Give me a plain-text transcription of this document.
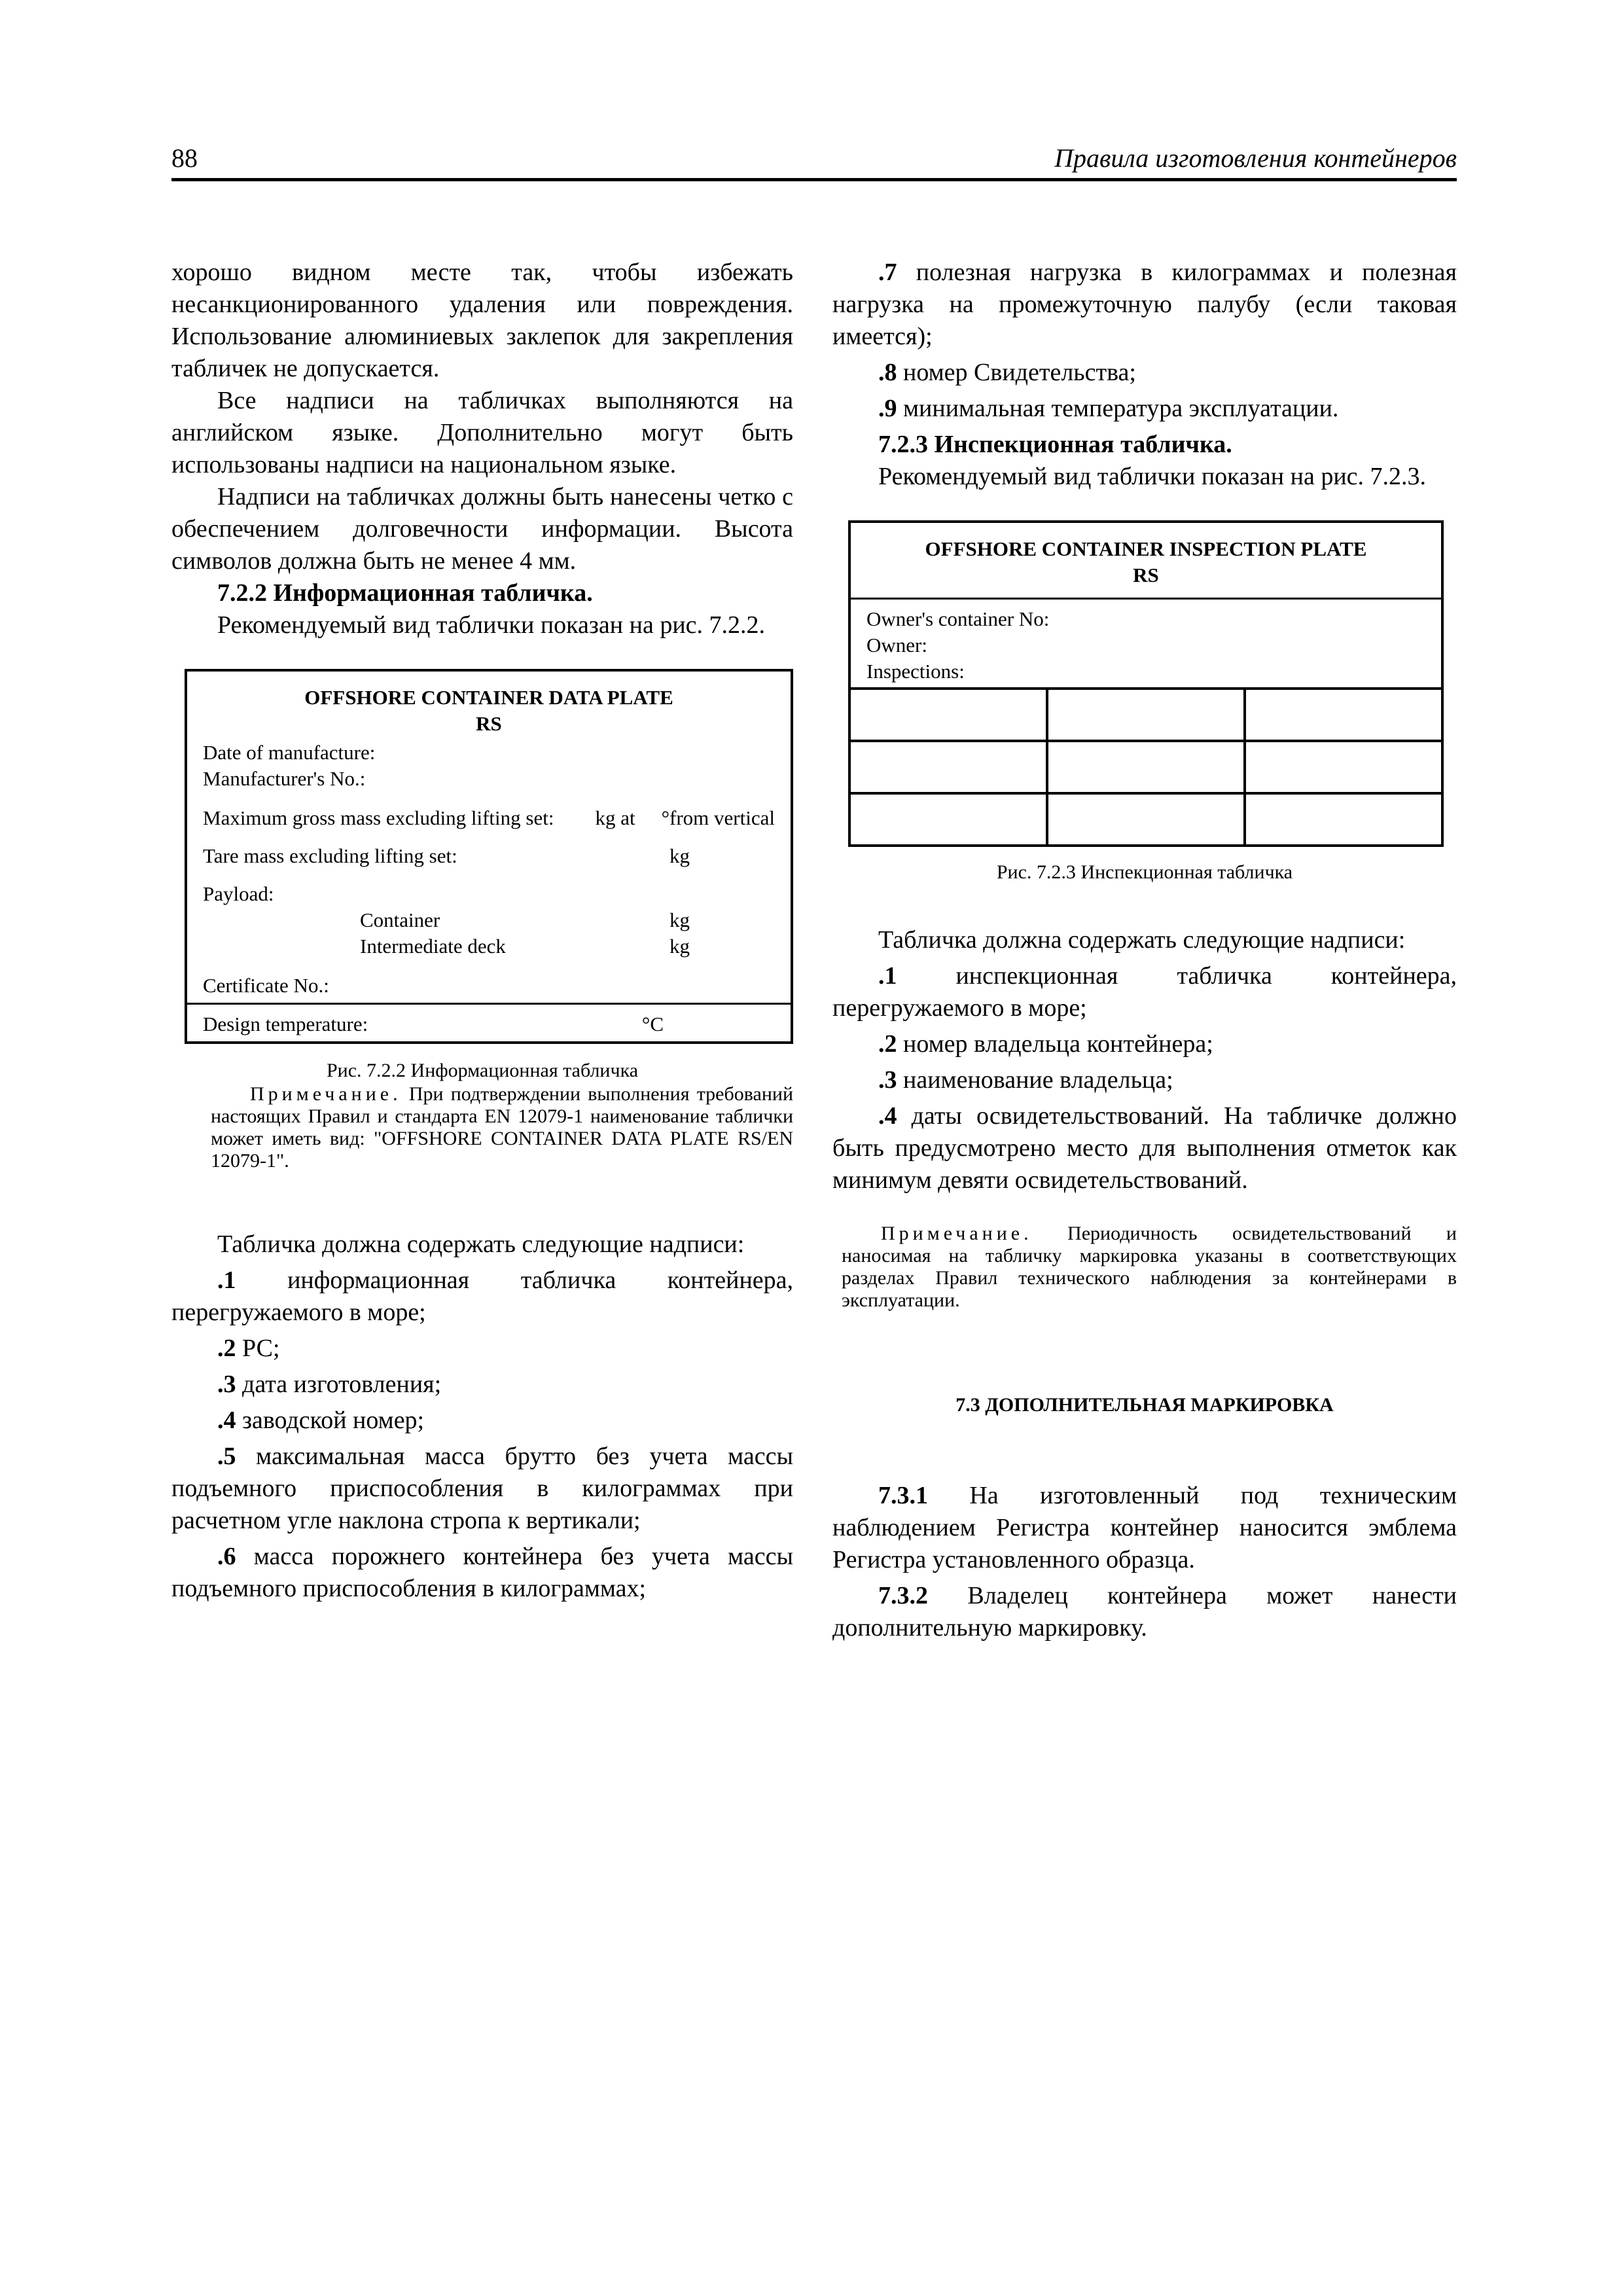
88	Правила изготовления контейнеров

хорошо видном месте так, чтобы избежать несанкционированного удаления или повреждения. Использование алюминиевых заклепок для закрепления табличек не допускается.

Все надписи на табличках выполняются на английском языке. Дополнительно могут быть использованы надписи на национальном языке.

Надписи на табличках должны быть нанесены четко с обеспечением долговечности информации. Высота символов должна быть не менее 4 мм.

7.2.2 Информационная табличка.

Рекомендуемый вид таблички показан на рис. 7.2.2.

OFFSHORE CONTAINER DATA PLATE
RS
Date of manufacture:
Manufacturer's No.:
Maximum gross mass excluding lifting set: kg at °from vertical
Tare mass excluding lifting set:	kg
Payload:
Container	kg
Intermediate deck	kg
Certificate No.:
Design temperature:	°C
Рис. 7.2.2 Информационная табличка

Примечание. При подтверждении выполнения требований настоящих Правил и стандарта EN 12079-1 наименование таблички может иметь вид: "OFFSHORE CONTAINER DATA PLATE RS/EN 12079-1".

Табличка должна содержать следующие надписи:

.1 информационная табличка контейнера, перегружаемого в море;

.2 РС;

.3 дата изготовления;

.4 заводской номер;

.5 максимальная масса брутто без учета массы подъемного приспособления в килограммах при расчетном угле наклона стропа к вертикали;

.6 масса порожнего контейнера без учета массы подъемного приспособления в килограммах;

.7 полезная нагрузка в килограммах и полезная нагрузка на промежуточную палубу (если таковая имеется);

.8 номер Свидетельства;

.9 минимальная температура эксплуатации.

7.2.3 Инспекционная табличка.

Рекомендуемый вид таблички показан на рис. 7.2.3.

OFFSHORE CONTAINER INSPECTION PLATE
RS
Owner's container No:
Owner:
Inspections:

Рис. 7.2.3 Инспекционная табличка

Табличка должна содержать следующие надписи:

.1 инспекционная табличка контейнера, перегружаемого в море;

.2 номер владельца контейнера;

.3 наименование владельца;

.4 даты освидетельствований. На табличке должно быть предусмотрено место для выполнения отметок как минимум девяти освидетельствований.

Примечание. Периодичность освидетельствований и наносимая на табличку маркировка указаны в соответствующих разделах Правил технического наблюдения за контейнерами в эксплуатации.

7.3 ДОПОЛНИТЕЛЬНАЯ МАРКИРОВКА

7.3.1 На изготовленный под техническим наблюдением Регистра контейнер наносится эмблема Регистра установленного образца.

7.3.2 Владелец контейнера может нанести дополнительную маркировку.
